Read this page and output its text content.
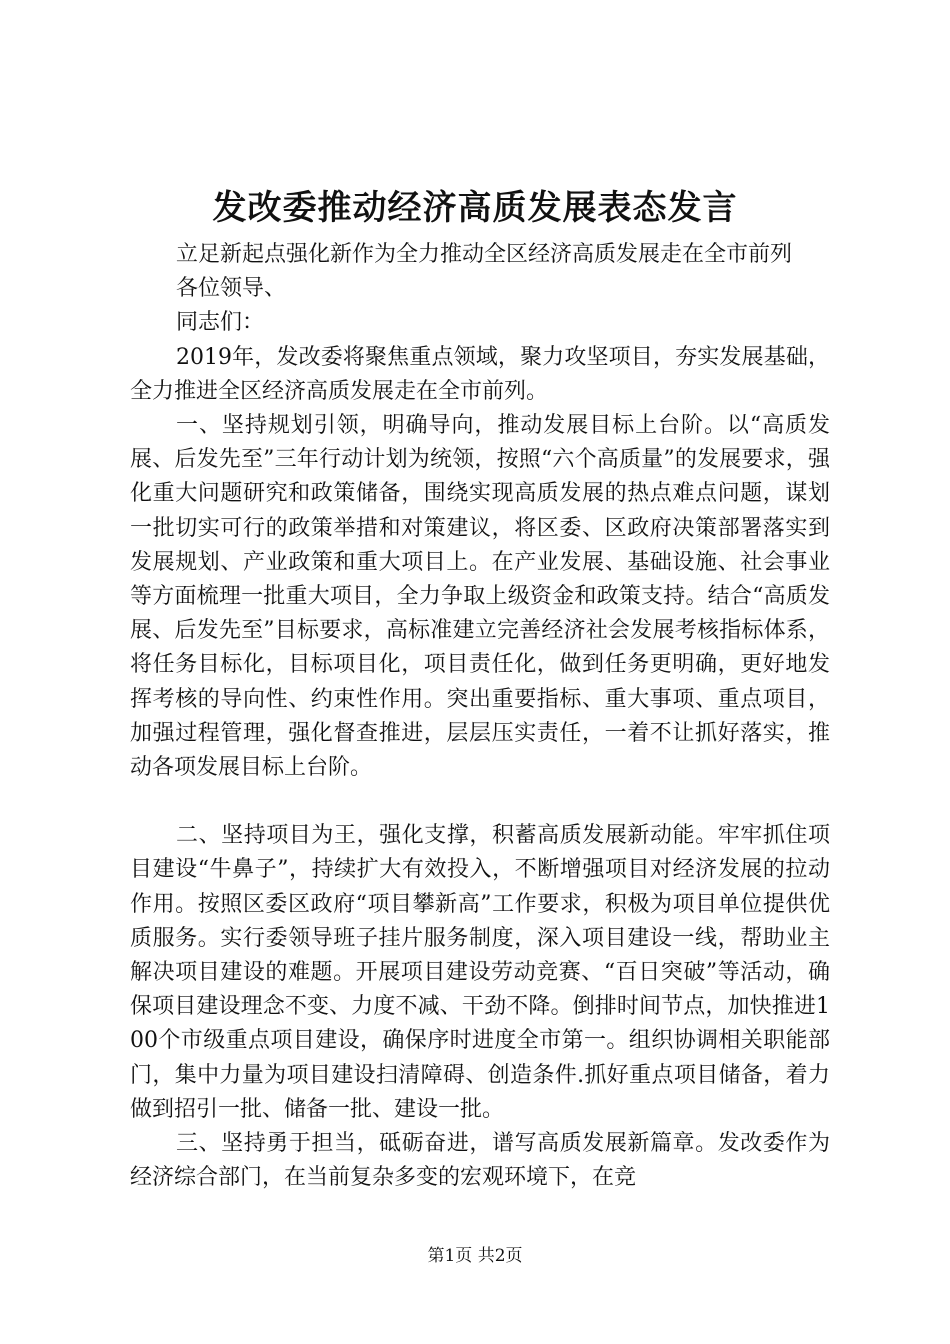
发改委推动经济高质发展表态发言

立足新起点强化新作为全力推动全区经济高质发展走在全市前列

各位领导、

同志们：

2019年，发改委将聚焦重点领域，聚力攻坚项目，夯实发展基础，全力推进全区经济高质发展走在全市前列。

一、坚持规划引领，明确导向，推动发展目标上台阶。以“高质发展、后发先至”三年行动计划为统领，按照“六个高质量”的发展要求，强化重大问题研究和政策储备，围绕实现高质发展的热点难点问题，谋划一批切实可行的政策举措和对策建议，将区委、区政府决策部署落实到发展规划、产业政策和重大项目上。在产业发展、基础设施、社会事业等方面梳理一批重大项目，全力争取上级资金和政策支持。结合“高质发展、后发先至”目标要求，高标准建立完善经济社会发展考核指标体系，将任务目标化，目标项目化，项目责任化，做到任务更明确，更好地发挥考核的导向性、约束性作用。突出重要指标、重大事项、重点项目，加强过程管理，强化督查推进，层层压实责任，一着不让抓好落实，推动各项发展目标上台阶。

二、坚持项目为王，强化支撑，积蓄高质发展新动能。牢牢抓住项目建设“牛鼻子”，持续扩大有效投入，不断增强项目对经济发展的拉动作用。按照区委区政府“项目攀新高”工作要求，积极为项目单位提供优质服务。实行委领导班子挂片服务制度，深入项目建设一线，帮助业主解决项目建设的难题。开展项目建设劳动竞赛、“百日突破”等活动，确保项目建设理念不变、力度不减、干劲不降。倒排时间节点，加快推进100个市级重点项目建设，确保序时进度全市第一。组织协调相关职能部门，集中力量为项目建设扫清障碍、创造条件.抓好重点项目储备，着力做到招引一批、储备一批、建设一批。

三、坚持勇于担当，砥砺奋进，谱写高质发展新篇章。发改委作为经济综合部门，在当前复杂多变的宏观环境下，在竞

第1页 共2页
